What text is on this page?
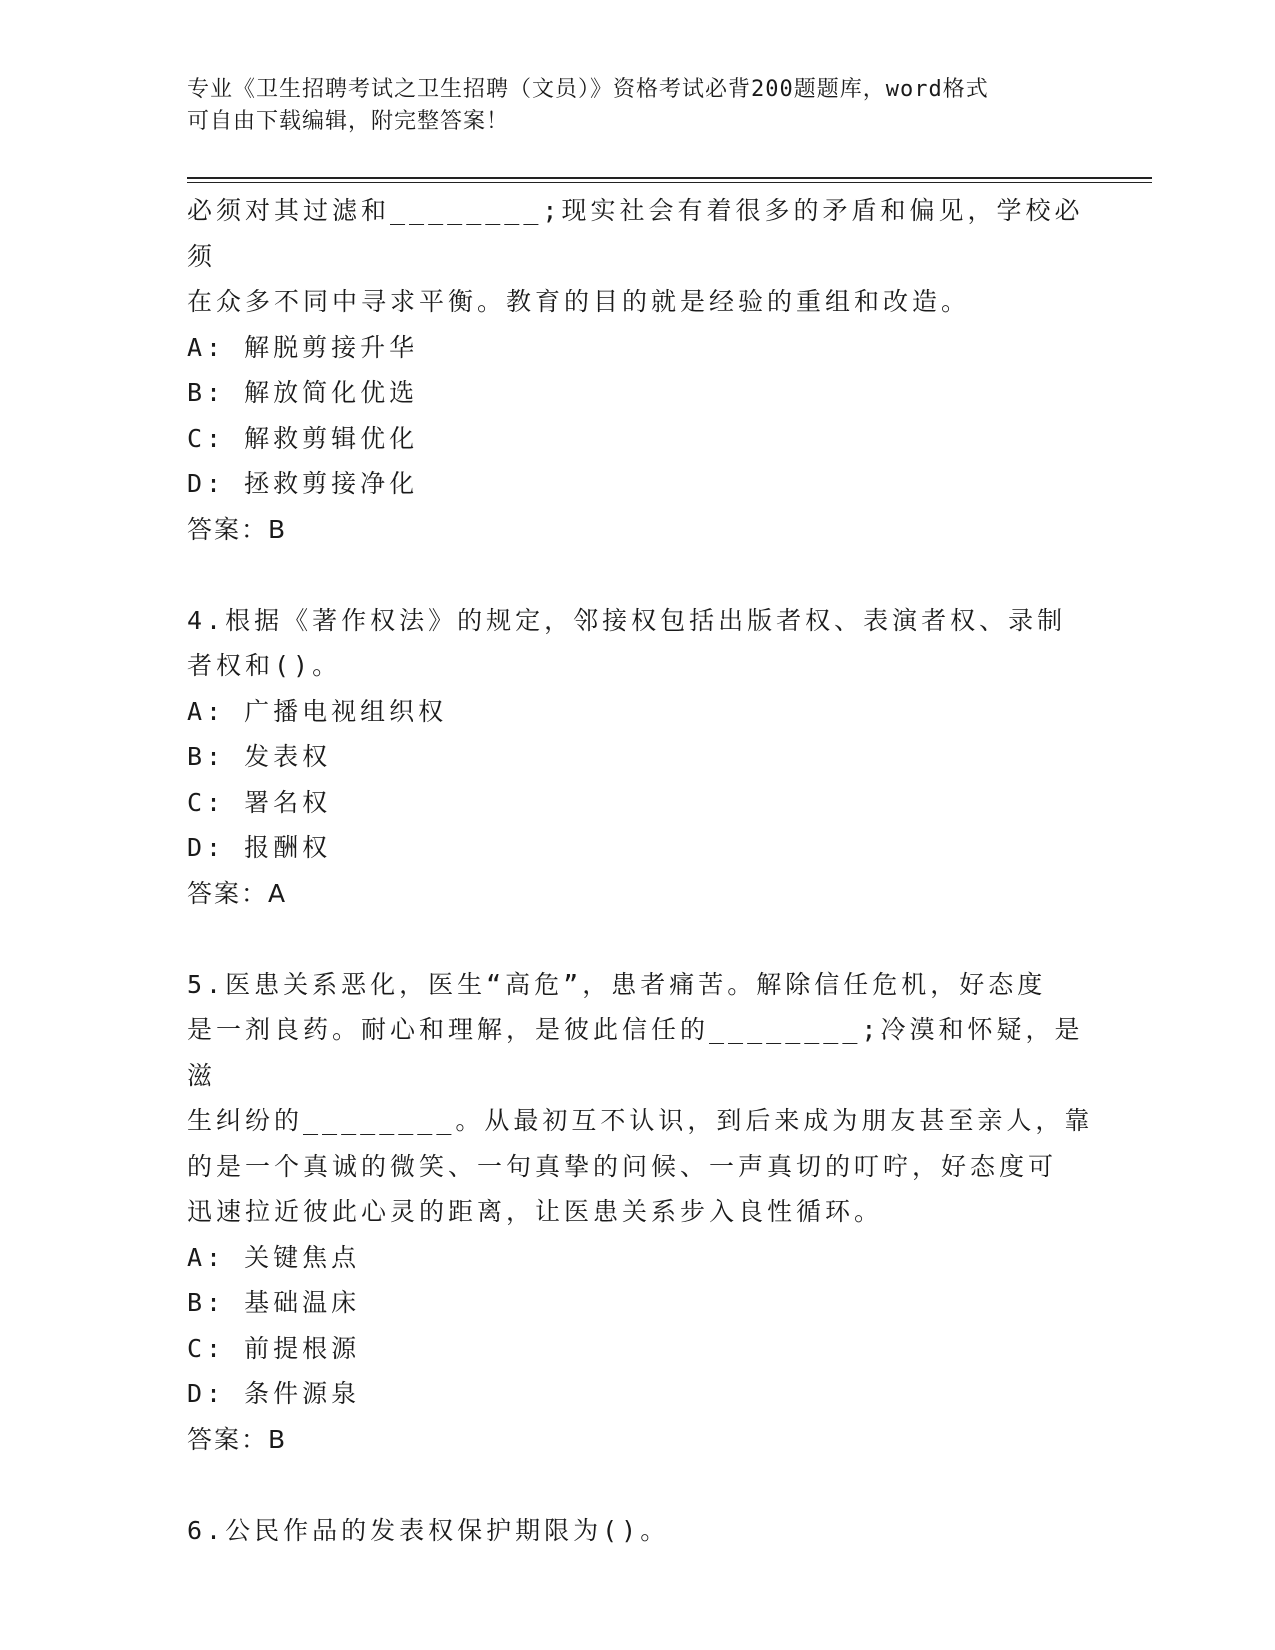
专业《卫生招聘考试之卫生招聘（文员）》资格考试必背200题题库，word格式
可自由下载编辑，附完整答案！

必须对其过滤和________;现实社会有着很多的矛盾和偏见，学校必须

在众多不同中寻求平衡。教育的目的就是经验的重组和改造。

A: 解脱剪接升华

B: 解放简化优选

C: 解救剪辑优化

D: 拯救剪接净化

答案：B

4.根据《著作权法》的规定，邻接权包括出版者权、表演者权、录制

者权和()。

A: 广播电视组织权

B: 发表权

C: 署名权

D: 报酬权

答案：A

5.医患关系恶化，医生“高危”，患者痛苦。解除信任危机，好态度

是一剂良药。耐心和理解，是彼此信任的________;冷漠和怀疑，是滋

生纠纷的________。从最初互不认识，到后来成为朋友甚至亲人，靠

的是一个真诚的微笑、一句真挚的问候、一声真切的叮咛，好态度可

迅速拉近彼此心灵的距离，让医患关系步入良性循环。

A: 关键焦点

B: 基础温床

C: 前提根源

D: 条件源泉

答案：B

6.公民作品的发表权保护期限为()。
